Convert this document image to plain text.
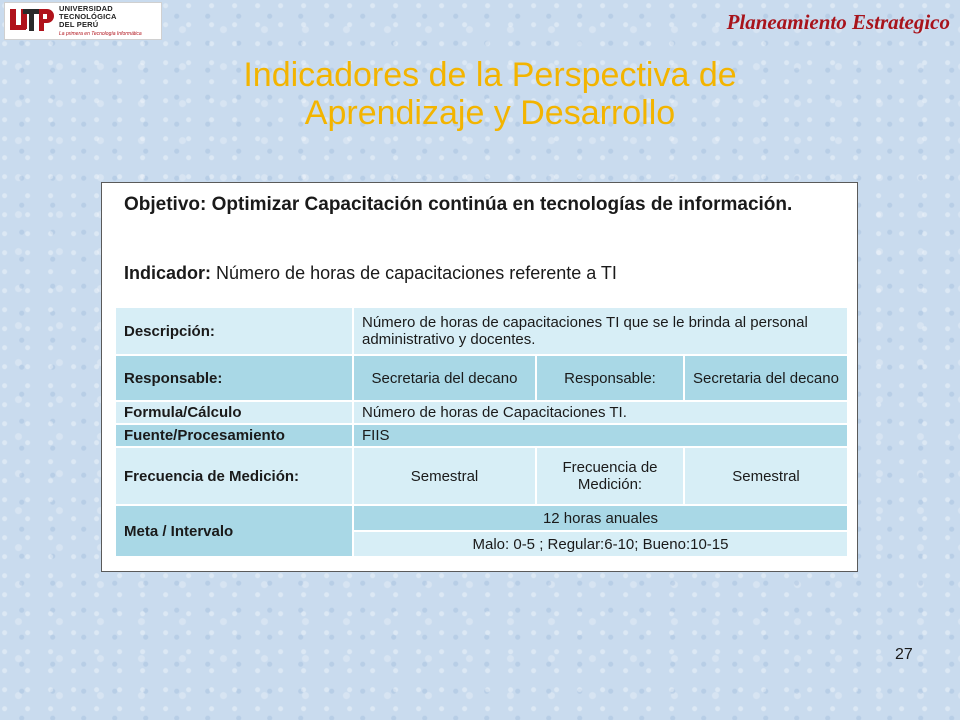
UNIVERSIDAD
TECNOLÓGICA
DEL PERÚ
La primera en Tecnología Informática	Planeamiento Estrategico
Indicadores de la Perspectiva de
Aprendizaje y Desarrollo
Objetivo: Optimizar Capacitación continúa en tecnologías de información.
Indicador: Número de horas de capacitaciones referente a TI
Descripción:	Número de horas de capacitaciones TI que se le brinda al personal administrativo y docentes.		
Responsable:	Secretaria del decano	Responsable:	Secretaria del decano
Formula/Cálculo	Número de horas de Capacitaciones TI.		
Fuente/Procesamiento	FIIS		
Frecuencia de Medición:	Semestral	Frecuencia de Medición:	Semestral
Meta / Intervalo	12 horas anuales		
	Malo: 0-5 ; Regular:6-10; Bueno:10-15		
27
